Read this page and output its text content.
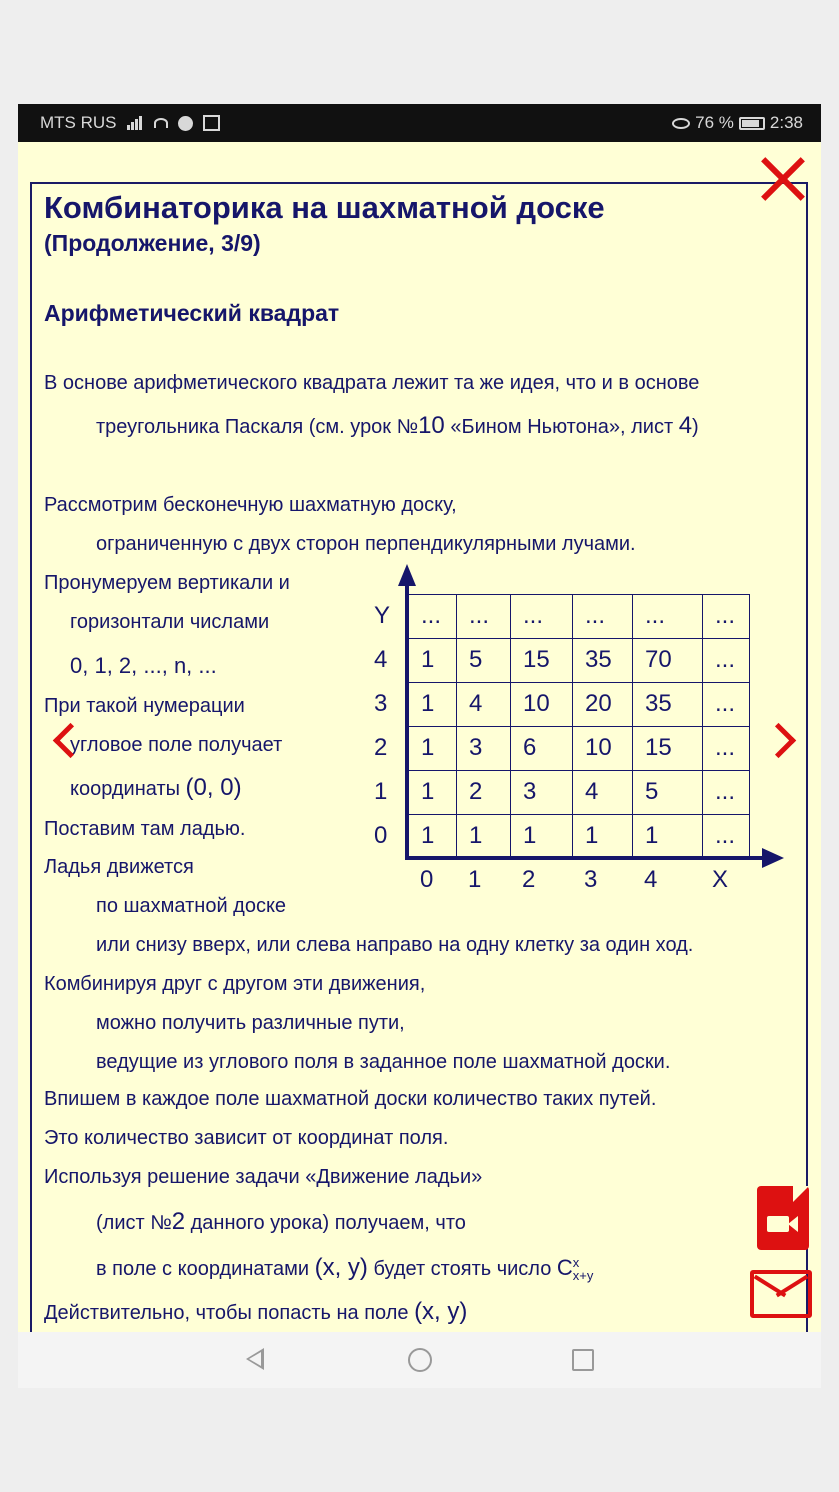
MTS RUS	76 % 2:38
Комбинаторика на шахматной доске
(Продолжение, 3/9)
Арифметический квадрат
В основе арифметического квадрата лежит та же идея, что и в основе
треугольника Паскаля (см. урок №10 «Бином Ньютона», лист 4)
Рассмотрим бесконечную шахматную доску,
ограниченную с двух сторон перпендикулярными лучами.
Пронумеруем вертикали и
горизонтали числами
0, 1, 2, ..., n, ...
При такой нумерации
угловое поле получает
координаты (0, 0)
Поставим там ладью.
Ладья движется
по шахматной доске
или снизу вверх, или слева направо на одну клетку за один ход.
Комбинируя друг с другом эти движения,
можно получить различные пути,
ведущие из углового поля в заданное поле шахматной доски.
Впишем в каждое поле шахматной доски количество таких путей.
Это количество зависит от координат поля.
Используя решение задачи «Движение ладьи»
(лист №2 данного урока) получаем, что
в поле с координатами (x, y) будет стоять число C x
x+y
Действительно, чтобы попасть на поле (x, y)
...	...	...	...	...	...
1	5	15	35	70	...
1	4	10	20	35	...
1	3	6	10	15	...
1	2	3	4	5	...
1	1	1	1	1	...
Y
X
4
3
2
1
0
0 1 2 3 4
